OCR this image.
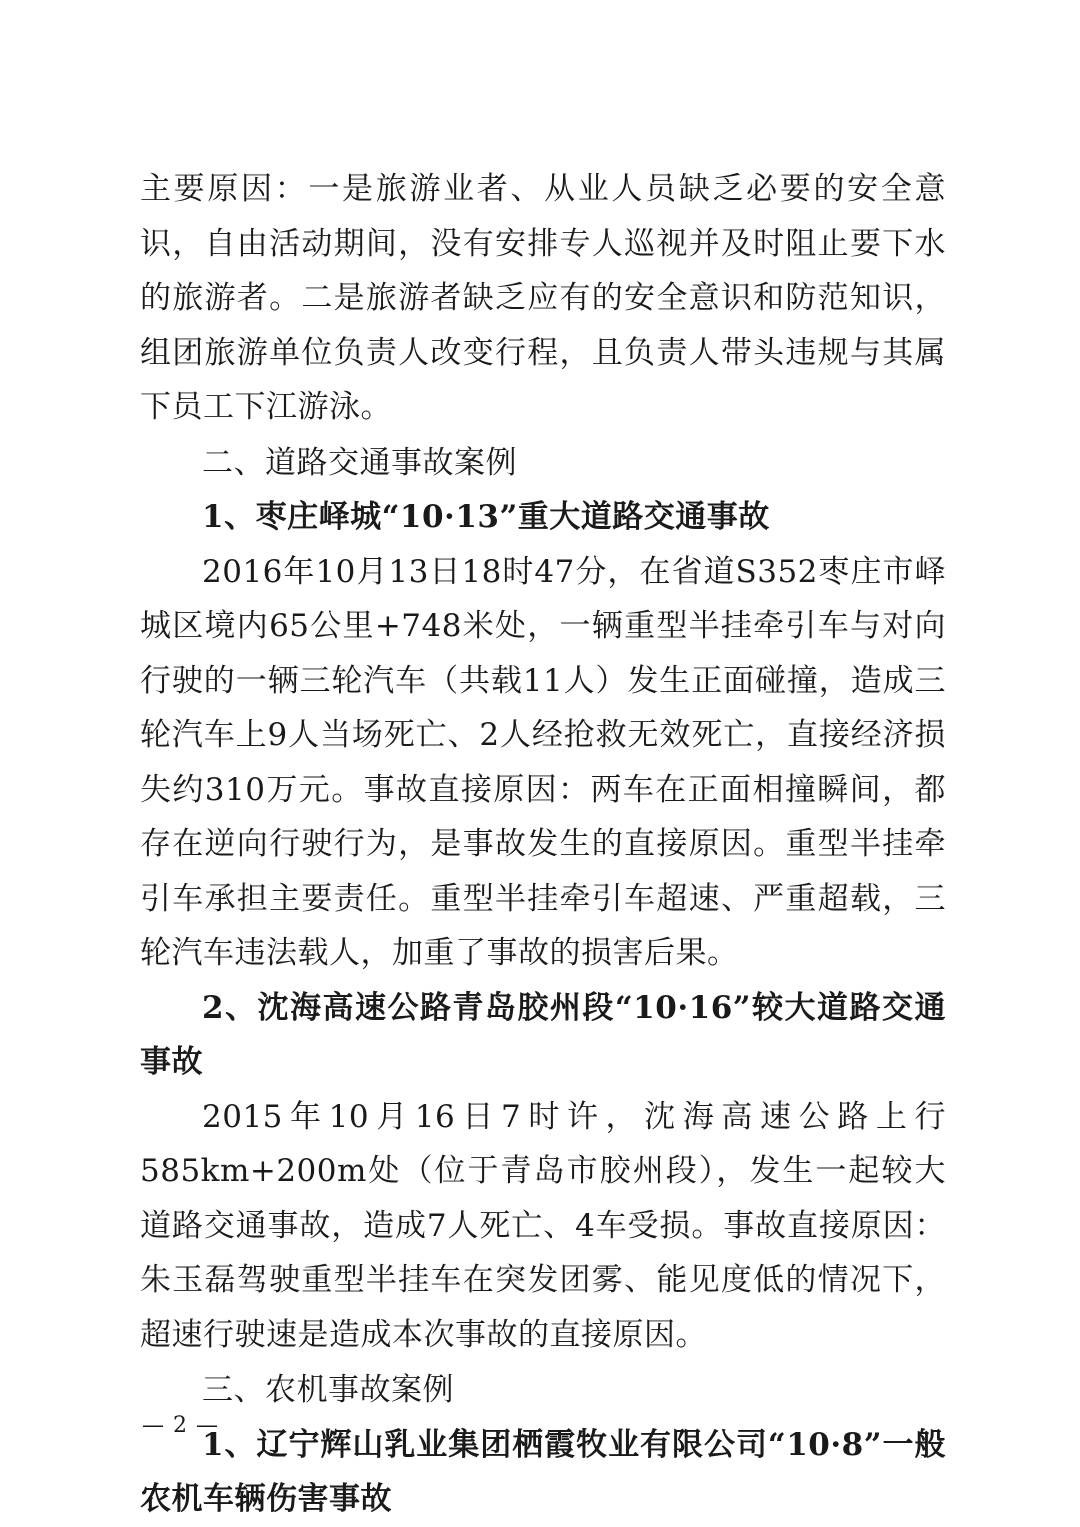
主要原因：一是旅游业者、从业人员缺乏必要的安全意识，自由活动期间，没有安排专人巡视并及时阻止要下水的旅游者。二是旅游者缺乏应有的安全意识和防范知识，组团旅游单位负责人改变行程，且负责人带头违规与其属下员工下江游泳。

二、道路交通事故案例

1、枣庄峄城“10·13”重大道路交通事故

2016年10月13日18时47分，在省道S352枣庄市峄城区境内65公里+748米处，一辆重型半挂牵引车与对向行驶的一辆三轮汽车（共载11人）发生正面碰撞，造成三轮汽车上9人当场死亡、2人经抢救无效死亡，直接经济损失约310万元。事故直接原因：两车在正面相撞瞬间，都存在逆向行驶行为，是事故发生的直接原因。重型半挂牵引车承担主要责任。重型半挂牵引车超速、严重超载，三轮汽车违法载人，加重了事故的损害后果。

2、沈海高速公路青岛胶州段“10·16”较大道路交通事故

2015年10月16日7时许，沈海高速公路上行585km+200m处（位于青岛市胶州段），发生一起较大道路交通事故，造成7人死亡、4车受损。事故直接原因：朱玉磊驾驶重型半挂车在突发团雾、能见度低的情况下，超速行驶速是造成本次事故的直接原因。

三、农机事故案例

1、辽宁辉山乳业集团栖霞牧业有限公司“10·8”一般农机车辆伤害事故

— 2 —
